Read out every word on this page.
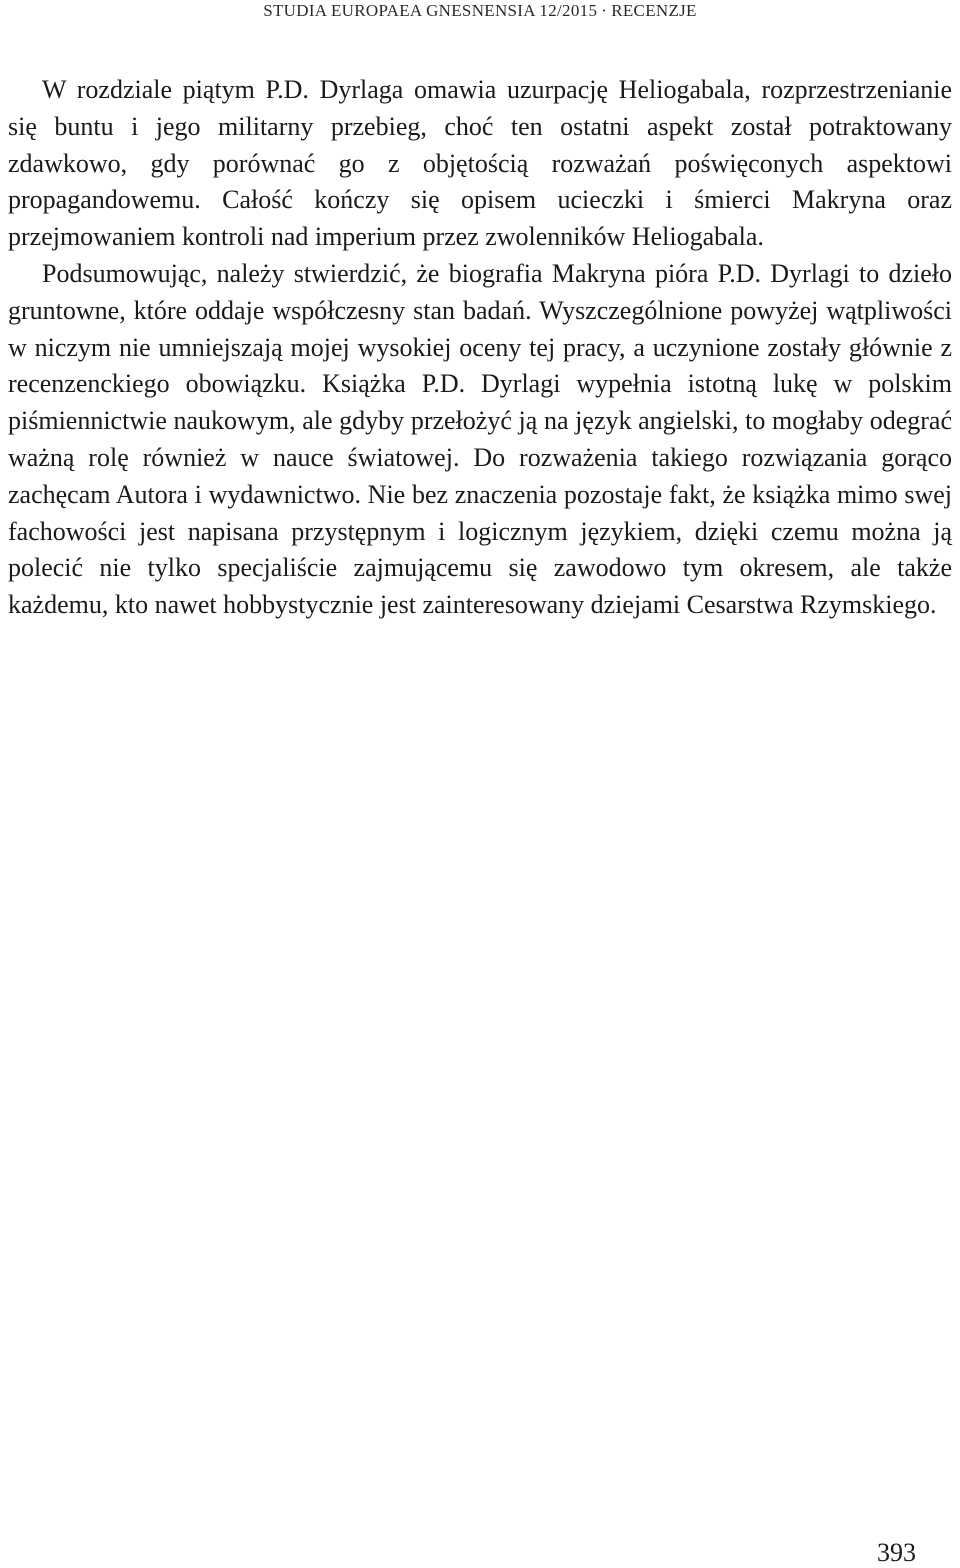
STUDIA EUROPAEA GNESNENSIA 12/2015 · RECENZJE

W rozdziale piątym P.D. Dyrlaga omawia uzurpację Heliogabala, rozprzestrzenianie się buntu i jego militarny przebieg, choć ten ostatni aspekt został potraktowany zdawkowo, gdy porównać go z objętością rozważań poświęconych aspektowi propagandowemu. Całość kończy się opisem ucieczki i śmierci Makryna oraz przejmowaniem kontroli nad imperium przez zwolenników Heliogabala.

Podsumowując, należy stwierdzić, że biografia Makryna pióra P.D. Dyrlagi to dzieło gruntowne, które oddaje współczesny stan badań. Wyszczególnione powyżej wątpliwości w niczym nie umniejszają mojej wysokiej oceny tej pracy, a uczynione zostały głównie z recenzenckiego obowiązku. Książka P.D. Dyrlagi wypełnia istotną lukę w polskim piśmiennictwie naukowym, ale gdyby przełożyć ją na język angielski, to mogłaby odegrać ważną rolę również w nauce światowej. Do rozważenia takiego rozwiązania gorąco zachęcam Autora i wydawnictwo. Nie bez znaczenia pozostaje fakt, że książka mimo swej fachowości jest napisana przystępnym i logicznym językiem, dzięki czemu można ją polecić nie tylko specjaliście zajmującemu się zawodowo tym okresem, ale także każdemu, kto nawet hobbystycznie jest zainteresowany dziejami Cesarstwa Rzymskiego.

393
